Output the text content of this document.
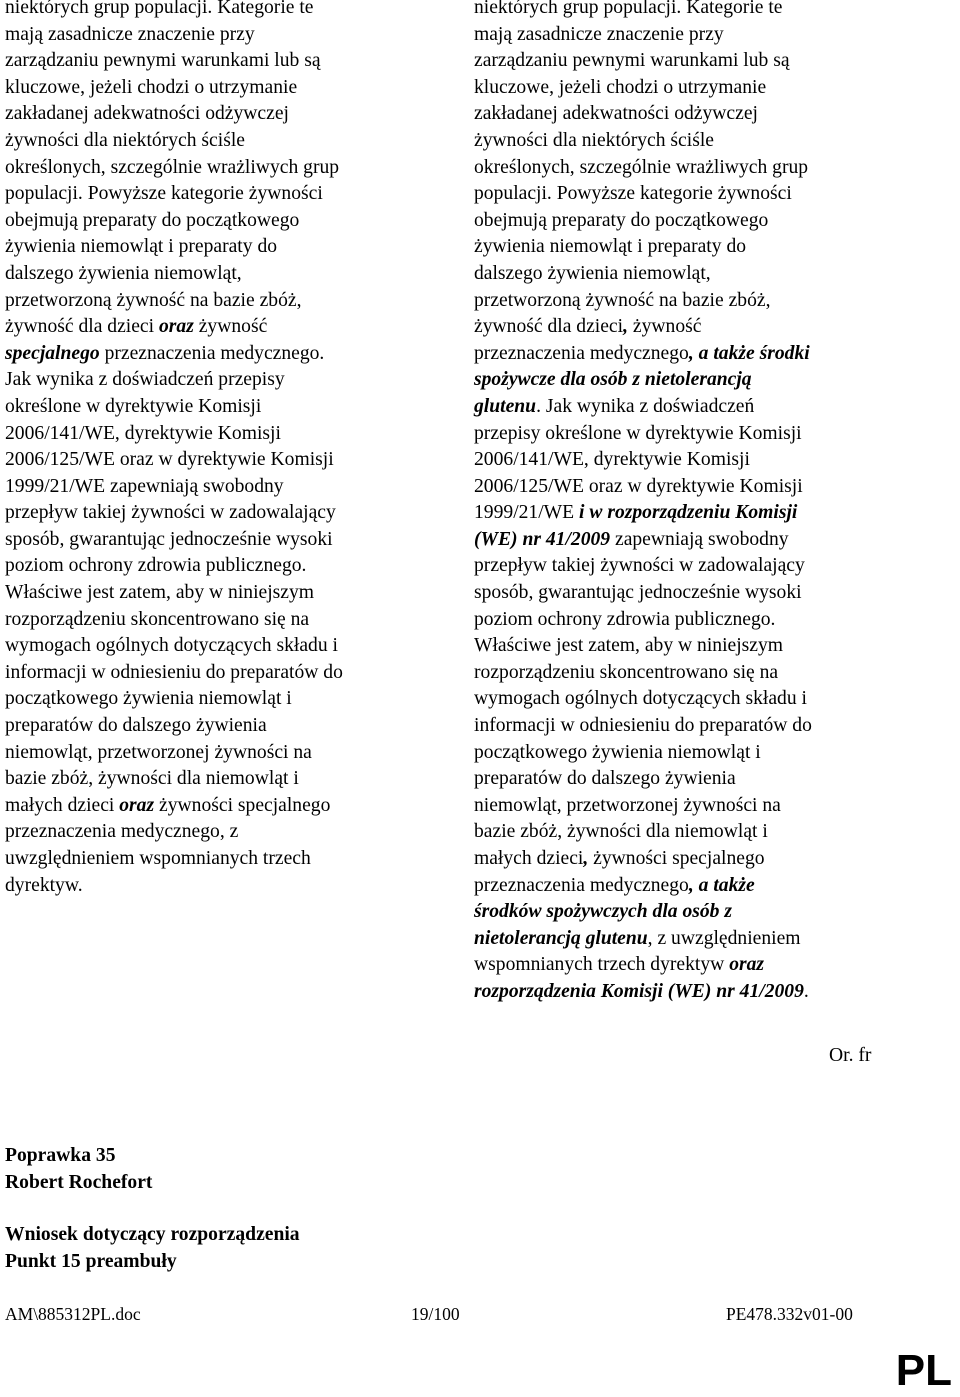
niektórych grup populacji. Kategorie te
mają zasadnicze znaczenie przy
zarządzaniu pewnymi warunkami lub są
kluczowe, jeżeli chodzi o utrzymanie
zakładanej adekwatności odżywczej
żywności dla niektórych ściśle
określonych, szczególnie wrażliwych grup
populacji. Powyższe kategorie żywności
obejmują preparaty do początkowego
żywienia niemowląt i preparaty do
dalszego żywienia niemowląt,
przetworzoną żywność na bazie zbóż,
żywność dla dzieci oraz żywność
specjalnego przeznaczenia medycznego.
Jak wynika z doświadczeń przepisy
określone w dyrektywie Komisji
2006/141/WE, dyrektywie Komisji
2006/125/WE oraz w dyrektywie Komisji
1999/21/WE zapewniają swobodny
przepływ takiej żywności w zadowalający
sposób, gwarantując jednocześnie wysoki
poziom ochrony zdrowia publicznego.
Właściwe jest zatem, aby w niniejszym
rozporządzeniu skoncentrowano się na
wymogach ogólnych dotyczących składu i
informacji w odniesieniu do preparatów do
początkowego żywienia niemowląt i
preparatów do dalszego żywienia
niemowląt, przetworzonej żywności na
bazie zbóż, żywności dla niemowląt i
małych dzieci oraz żywności specjalnego
przeznaczenia medycznego, z
uwzględnieniem wspomnianych trzech
dyrektyw.
niektórych grup populacji. Kategorie te
mają zasadnicze znaczenie przy
zarządzaniu pewnymi warunkami lub są
kluczowe, jeżeli chodzi o utrzymanie
zakładanej adekwatności odżywczej
żywności dla niektórych ściśle
określonych, szczególnie wrażliwych grup
populacji. Powyższe kategorie żywności
obejmują preparaty do początkowego
żywienia niemowląt i preparaty do
dalszego żywienia niemowląt,
przetworzoną żywność na bazie zbóż,
żywność dla dzieci, żywność
przeznaczenia medycznego, a także środki
spożywcze dla osób z nietolerancją
glutenu. Jak wynika z doświadczeń
przepisy określone w dyrektywie Komisji
2006/141/WE, dyrektywie Komisji
2006/125/WE oraz w dyrektywie Komisji
1999/21/WE i w rozporządzeniu Komisji
(WE) nr 41/2009 zapewniają swobodny
przepływ takiej żywności w zadowalający
sposób, gwarantując jednocześnie wysoki
poziom ochrony zdrowia publicznego.
Właściwe jest zatem, aby w niniejszym
rozporządzeniu skoncentrowano się na
wymogach ogólnych dotyczących składu i
informacji w odniesieniu do preparatów do
początkowego żywienia niemowląt i
preparatów do dalszego żywienia
niemowląt, przetworzonej żywności na
bazie zbóż, żywności dla niemowląt i
małych dzieci, żywności specjalnego
przeznaczenia medycznego, a także
środków spożywczych dla osób z
nietolerancją glutenu, z uwzględnieniem
wspomnianych trzech dyrektyw oraz
rozporządzenia Komisji (WE) nr 41/2009.
Or. fr
Poprawka 35
Robert Rochefort
Wniosek dotyczący rozporządzenia
Punkt 15 preambuły
AM\885312PL.doc	19/100	PE478.332v01-00
PL
